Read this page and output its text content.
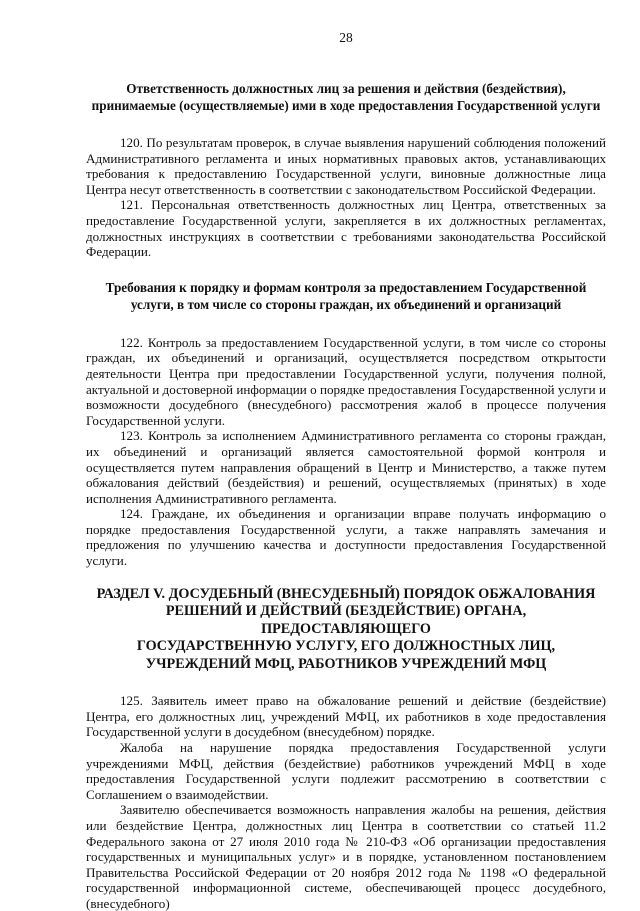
28
Ответственность должностных лиц за решения и действия (бездействия),
принимаемые (осуществляемые) ими в ходе предоставления Государственной услуги

120. По результатам проверок, в случае выявления нарушений соблюдения положений Административного регламента и иных нормативных правовых актов, устанавливающих требования к предоставлению Государственной услуги, виновные должностные лица Центра несут ответственность в соответствии с законодательством Российской Федерации.

121. Персональная ответственность должностных лиц Центра, ответственных за предоставление Государственной услуги, закрепляется в их должностных регламентах, должностных инструкциях в соответствии с требованиями законодательства Российской Федерации.

Требования к порядку и формам контроля за предоставлением Государственной
услуги, в том числе со стороны граждан, их объединений и организаций

122. Контроль за предоставлением Государственной услуги, в том числе со стороны граждан, их объединений и организаций, осуществляется посредством открытости деятельности Центра при предоставлении Государственной услуги, получения полной, актуальной и достоверной информации о порядке предоставления Государственной услуги и возможности досудебного (внесудебного) рассмотрения жалоб в процессе получения Государственной услуги.

123. Контроль за исполнением Административного регламента со стороны граждан, их объединений и организаций является самостоятельной формой контроля и осуществляется путем направления обращений в Центр и Министерство, а также путем обжалования действий (бездействия) и решений, осуществляемых (принятых) в ходе исполнения Административного регламента.

124. Граждане, их объединения и организации вправе получать информацию о порядке предоставления Государственной услуги, а также направлять замечания и предложения по улучшению качества и доступности предоставления Государственной услуги.

РАЗДЕЛ V. ДОСУДЕБНЫЙ (ВНЕСУДЕБНЫЙ) ПОРЯДОК ОБЖАЛОВАНИЯ
РЕШЕНИЙ И ДЕЙСТВИЙ (БЕЗДЕЙСТВИЕ) ОРГАНА, ПРЕДОСТАВЛЯЮЩЕГО
ГОСУДАРСТВЕННУЮ УСЛУГУ, ЕГО ДОЛЖНОСТНЫХ ЛИЦ,
УЧРЕЖДЕНИЙ МФЦ, РАБОТНИКОВ УЧРЕЖДЕНИЙ МФЦ

125. Заявитель имеет право на обжалование решений и действие (бездействие) Центра, его должностных лиц, учреждений МФЦ, их работников в ходе предоставления Государственной услуги в досудебном (внесудебном) порядке.

Жалоба на нарушение порядка предоставления Государственной услуги учреждениями МФЦ, действия (бездействие) работников учреждений МФЦ в ходе предоставления Государственной услуги подлежит рассмотрению в соответствии с Соглашением о взаимодействии.

Заявителю обеспечивается возможность направления жалобы на решения, действия или бездействие Центра, должностных лиц Центра в соответствии со статьей 11.2 Федерального закона от 27 июля 2010 года № 210-ФЗ «Об организации предоставления государственных и муниципальных услуг» и в порядке, установленном постановлением Правительства Российской Федерации от 20 ноября 2012 года № 1198 «О федеральной государственной информационной системе, обеспечивающей процесс досудебного, (внесудебного)
